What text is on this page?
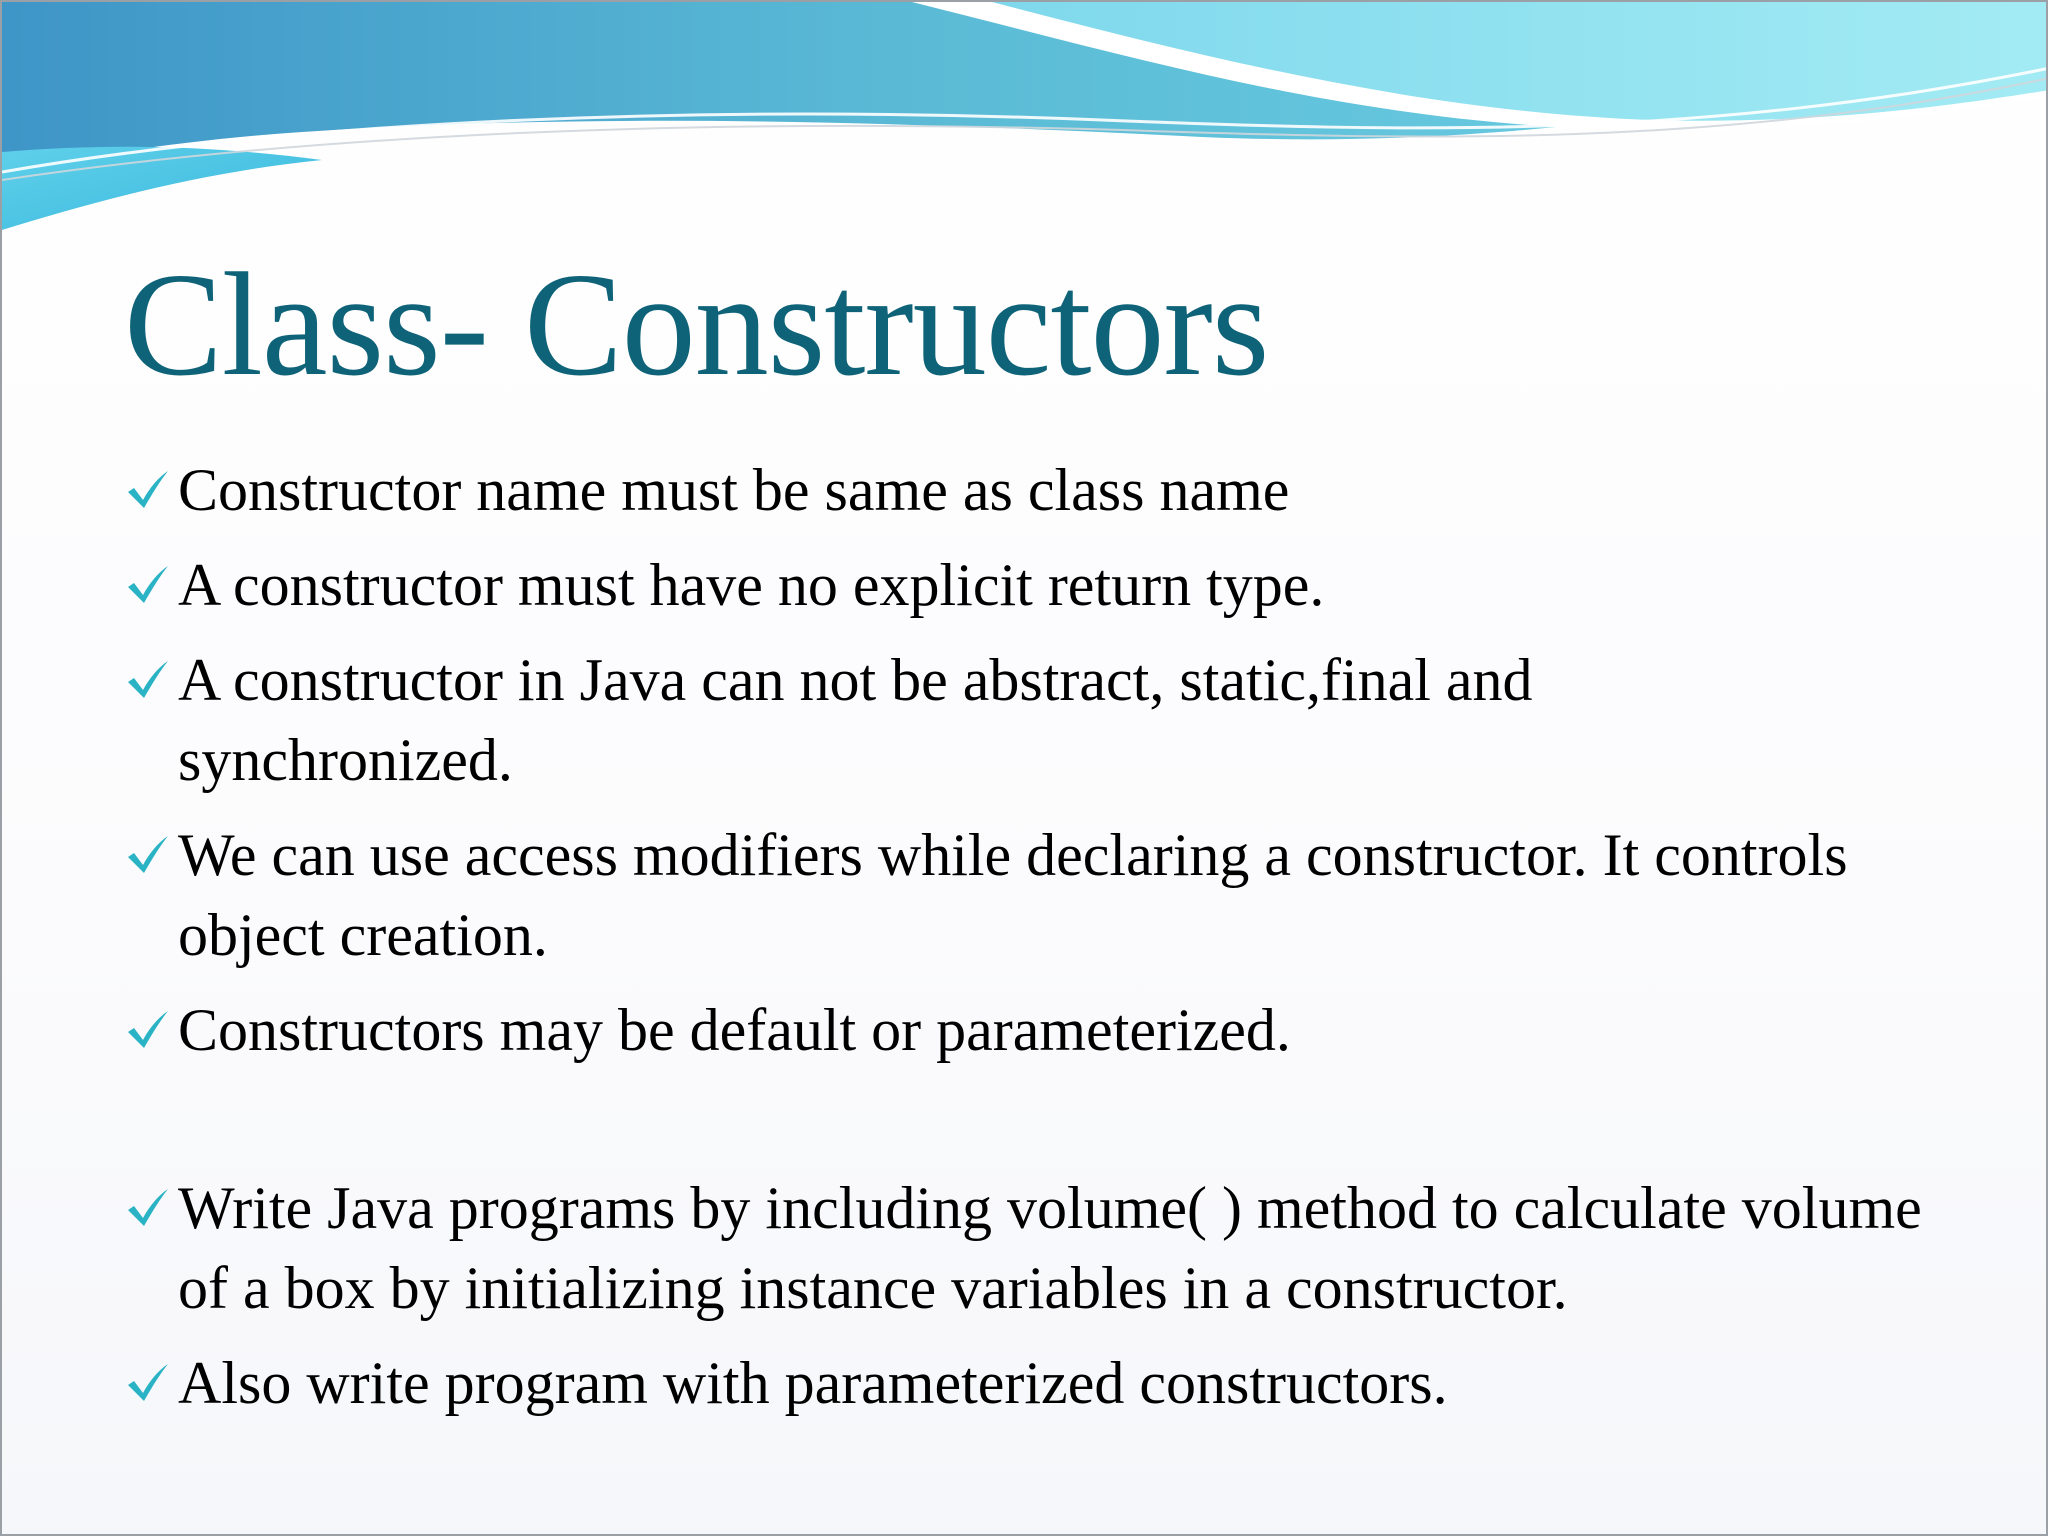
Class- Constructors
Constructor name must be same as class name
A constructor must have no explicit return type.
A constructor in Java can not be abstract, static,final and synchronized.
We can use access modifiers while declaring a constructor. It controls object creation.
Constructors may be default or parameterized.
Write Java programs by including volume( ) method to calculate volume of a box by initializing instance variables in a constructor.
Also write program with parameterized constructors.
